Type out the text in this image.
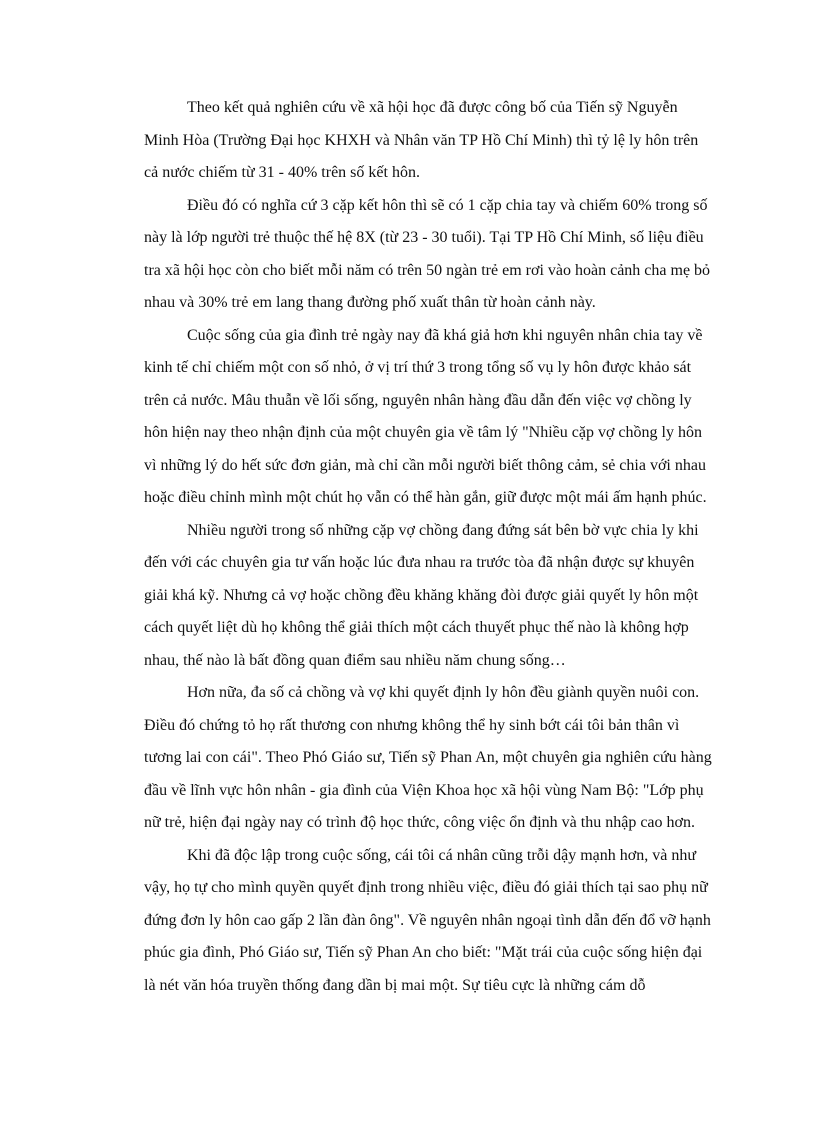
Theo kết quả nghiên cứu về xã hội học đã được công bố của Tiến sỹ Nguyễn Minh Hòa (Trường Đại học KHXH và Nhân văn TP Hồ Chí Minh) thì tỷ lệ ly hôn trên cả nước chiếm từ 31 - 40% trên số kết hôn.

Điều đó có nghĩa cứ 3 cặp kết hôn thì sẽ có 1 cặp chia tay và chiếm 60% trong số này là lớp người trẻ thuộc thế hệ 8X (từ 23 - 30 tuổi). Tại TP Hồ Chí Minh, số liệu điều tra xã hội học còn cho biết mỗi năm có trên 50 ngàn trẻ em rơi vào hoàn cảnh cha mẹ bỏ nhau và 30% trẻ em lang thang đường phố xuất thân từ hoàn cảnh này.

Cuộc sống của gia đình trẻ ngày nay đã khá giả hơn khi nguyên nhân chia tay về kinh tế chỉ chiếm một con số nhỏ, ở vị trí thứ 3 trong tổng số vụ ly hôn được khảo sát trên cả nước. Mâu thuẫn về lối sống, nguyên nhân hàng đầu dẫn đến việc vợ chồng ly hôn hiện nay theo nhận định của một chuyên gia về tâm lý "Nhiều cặp vợ chồng ly hôn vì những lý do hết sức đơn giản, mà chỉ cần mỗi người biết thông cảm, sẻ chia với nhau hoặc điều chỉnh mình một chút họ vẫn có thể hàn gắn, giữ được một mái ấm hạnh phúc.

Nhiều người trong số những cặp vợ chồng đang đứng sát bên bờ vực chia ly khi đến với các chuyên gia tư vấn hoặc lúc đưa nhau ra trước tòa đã nhận được sự khuyên giải khá kỹ. Nhưng cả vợ hoặc chồng đều khăng khăng đòi được giải quyết ly hôn một cách quyết liệt dù họ không thể giải thích một cách thuyết phục thế nào là không hợp nhau, thế nào là bất đồng quan điểm sau nhiều năm chung sống…

Hơn nữa, đa số cả chồng và vợ khi quyết định ly hôn đều giành quyền nuôi con. Điều đó chứng tỏ họ rất thương con nhưng không thể hy sinh bớt cái tôi bản thân vì tương lai con cái". Theo Phó Giáo sư, Tiến sỹ Phan An, một chuyên gia nghiên cứu hàng đầu về lĩnh vực hôn nhân - gia đình của Viện Khoa học xã hội vùng Nam Bộ: "Lớp phụ nữ trẻ, hiện đại ngày nay có trình độ học thức, công việc ổn định và thu nhập cao hơn.

Khi đã độc lập trong cuộc sống, cái tôi cá nhân cũng trỗi dậy mạnh hơn, và như vậy, họ tự cho mình quyền quyết định trong nhiều việc, điều đó giải thích tại sao phụ nữ đứng đơn ly hôn cao gấp 2 lần đàn ông". Về nguyên nhân ngoại tình dẫn đến đổ vỡ hạnh phúc gia đình, Phó Giáo sư, Tiến sỹ Phan An cho biết: "Mặt trái của cuộc sống hiện đại là nét văn hóa truyền thống đang dần bị mai một. Sự tiêu cực là những cám dỗ
